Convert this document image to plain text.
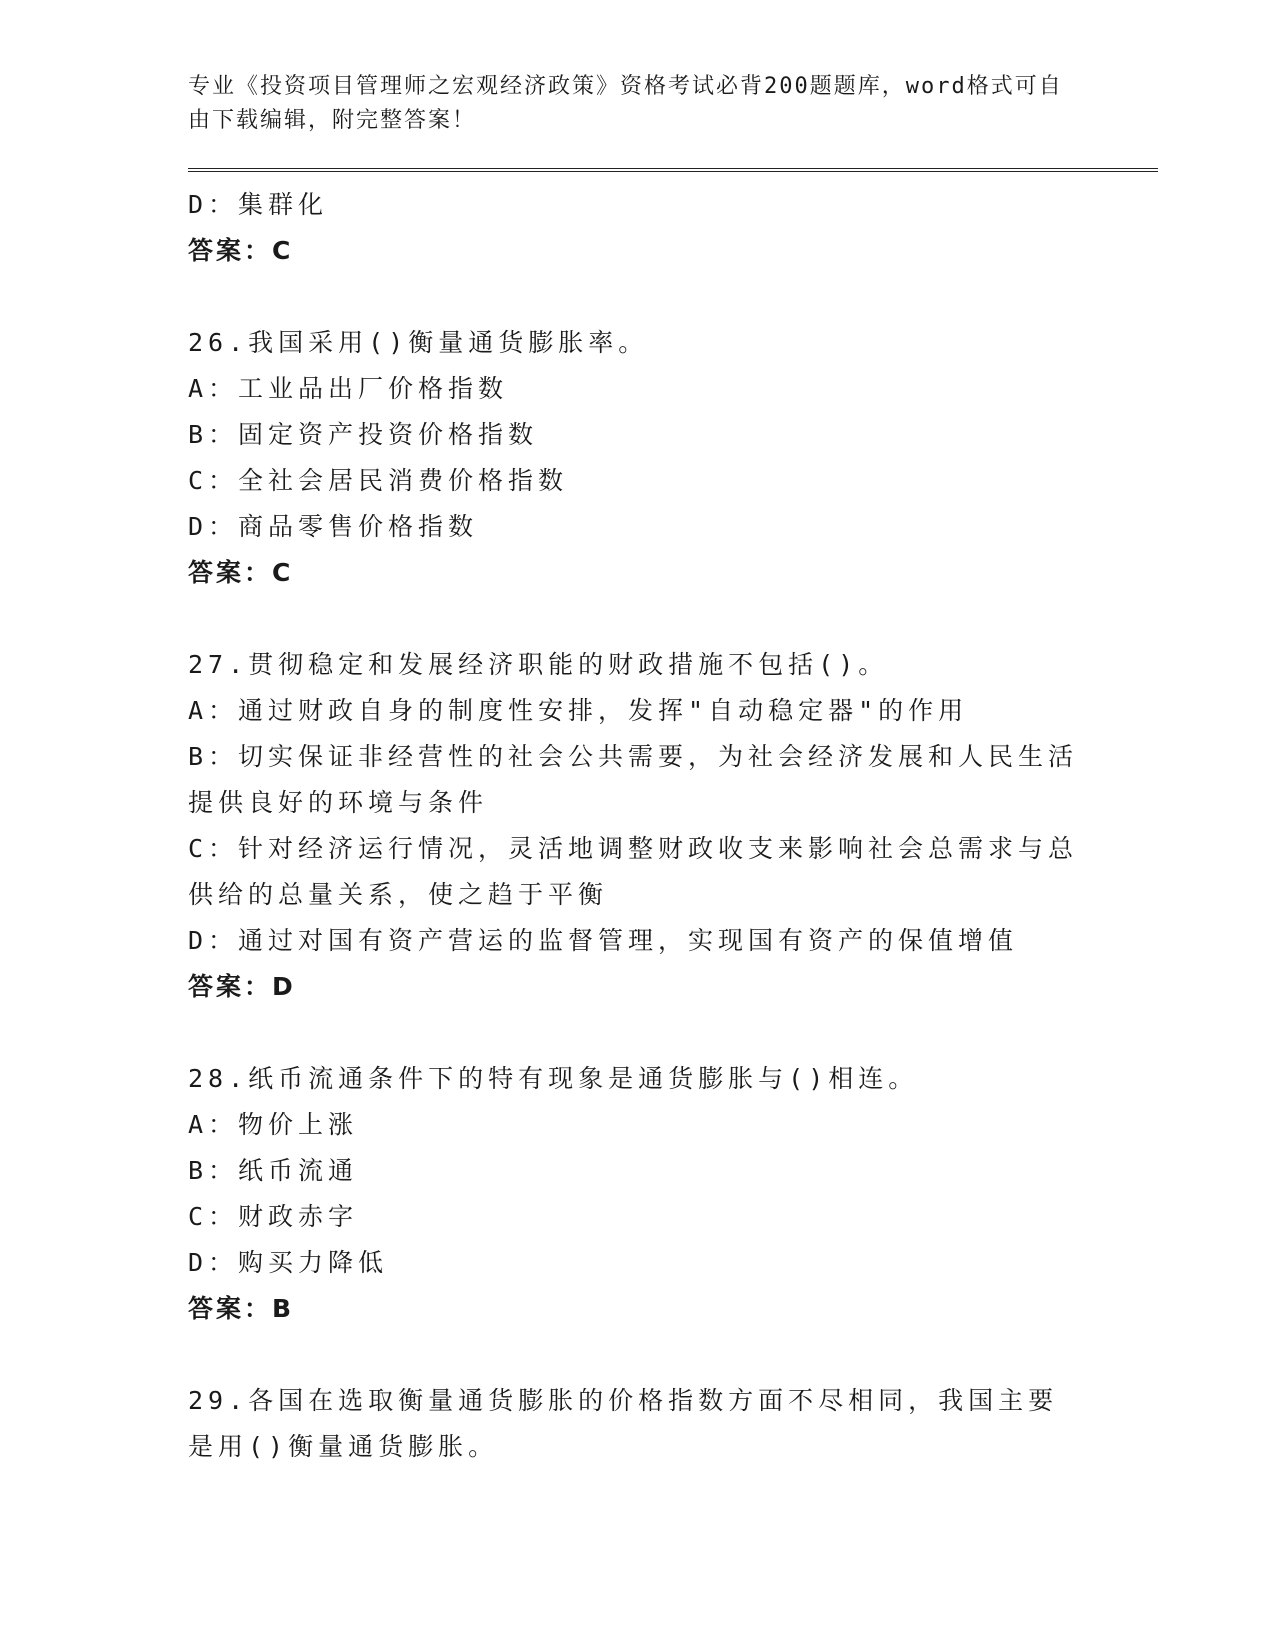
专业《投资项目管理师之宏观经济政策》资格考试必背200题题库，word格式可自由下载编辑，附完整答案！
D：集群化
答案：C
26.我国采用()衡量通货膨胀率。
A：工业品出厂价格指数
B：固定资产投资价格指数
C：全社会居民消费价格指数
D：商品零售价格指数
答案：C
27.贯彻稳定和发展经济职能的财政措施不包括()。
A：通过财政自身的制度性安排，发挥"自动稳定器"的作用
B：切实保证非经营性的社会公共需要，为社会经济发展和人民生活提供良好的环境与条件
C：针对经济运行情况，灵活地调整财政收支来影响社会总需求与总供给的总量关系，使之趋于平衡
D：通过对国有资产营运的监督管理，实现国有资产的保值增值
答案：D
28.纸币流通条件下的特有现象是通货膨胀与()相连。
A：物价上涨
B：纸币流通
C：财政赤字
D：购买力降低
答案：B
29.各国在选取衡量通货膨胀的价格指数方面不尽相同，我国主要是用()衡量通货膨胀。
